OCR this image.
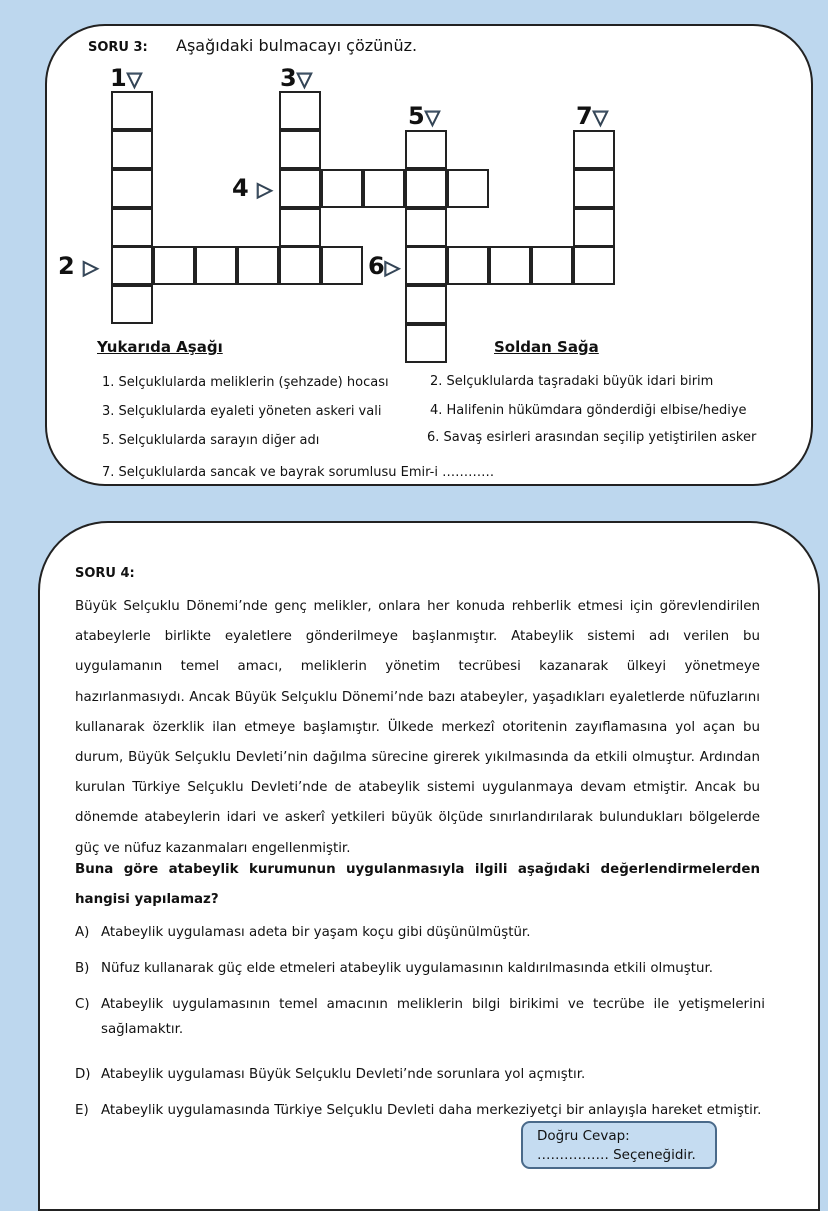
SORU 3: Aşağıdaki bulmacayı çözünüz.
1▽	3▽
5▽	7▽
4 ▷
2 ▷	6▷
Yukarıda Aşağı	Soldan Sağa
1. Selçuklularda meliklerin (şehzade) hocası	2. Selçuklularda taşradaki büyük idari birim
3. Selçuklularda eyaleti yöneten askeri vali	4. Halifenin hükümdara gönderdiği elbise/hediye
5. Selçuklularda sarayın diğer adı	6. Savaş esirleri arasından seçilip yetiştirilen asker
7. Selçuklularda sancak ve bayrak sorumlusu Emir-i …………
SORU 4:
Büyük Selçuklu Dönemi’nde genç melikler, onlara her konuda rehberlik etmesi için görevlendirilen atabeylerle birlikte eyaletlere gönderilmeye başlanmıştır. Atabeylik sistemi adı verilen bu uygulamanın temel amacı, meliklerin yönetim tecrübesi kazanarak ülkeyi yönetmeye hazırlanmasıydı. Ancak Büyük Selçuklu Dönemi’nde bazı atabeyler, yaşadıkları eyaletlerde nüfuzlarını kullanarak özerklik ilan etmeye başlamıştır. Ülkede merkezî otoritenin zayıflamasına yol açan bu durum, Büyük Selçuklu Devleti’nin dağılma sürecine girerek yıkılmasında da etkili olmuştur. Ardından kurulan Türkiye Selçuklu Devleti’nde de atabeylik sistemi uygulanmaya devam etmiştir. Ancak bu dönemde atabeylerin idari ve askerî yetkileri büyük ölçüde sınırlandırılarak bulundukları bölgelerde güç ve nüfuz kazanmaları engellenmiştir.
Buna göre atabeylik kurumunun uygulanmasıyla ilgili aşağıdaki değerlendirmelerden hangisi yapılamaz?
A) Atabeylik uygulaması adeta bir yaşam koçu gibi düşünülmüştür.
B) Nüfuz kullanarak güç elde etmeleri atabeylik uygulamasının kaldırılmasında etkili olmuştur.
C) Atabeylik uygulamasının temel amacının meliklerin bilgi birikimi ve tecrübe ile yetişmelerini sağlamaktır.
D) Atabeylik uygulaması Büyük Selçuklu Devleti’nde sorunlara yol açmıştır.
E) Atabeylik uygulamasında Türkiye Selçuklu Devleti daha merkeziyetçi bir anlayışla hareket etmiştir.
Doğru Cevap:
……………. Seçeneğidir.
